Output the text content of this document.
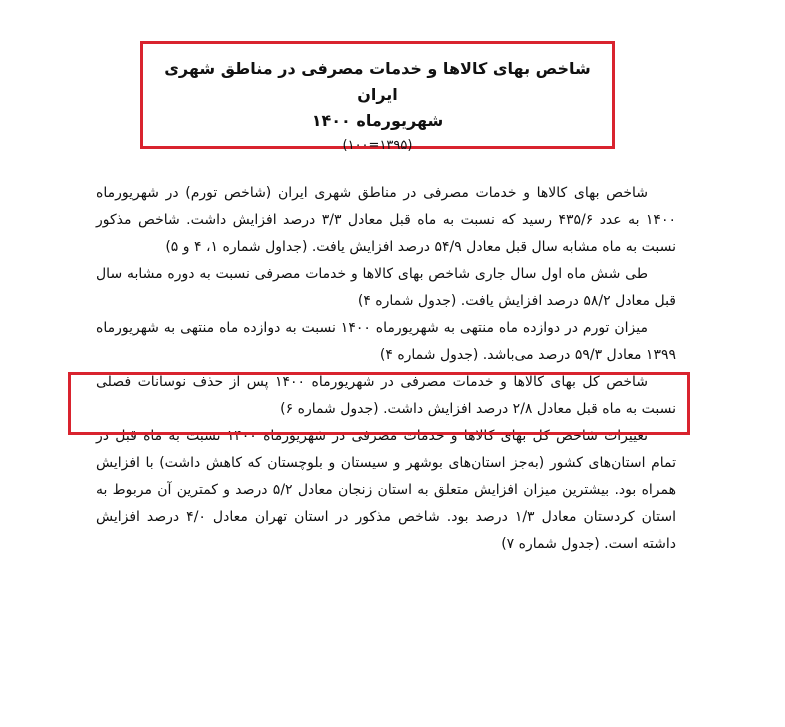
شاخص بهای کالاها و خدمات مصرفی در مناطق شهری ایران
شهریورماه ۱۴۰۰
(۱۳۹۵=۱۰۰)

شاخص بهای کالاها و خدمات مصرفی در مناطق شهری ایران (شاخص تورم) در شهریورماه ۱۴۰۰ به عدد ۴۳۵/۶ رسید که نسبت به ماه قبل معادل ۳/۳ درصد افزایش داشت. شاخص مذکور نسبت به ماه مشابه سال قبل معادل ۵۴/۹ درصد افزایش یافت. (جداول شماره ۱، ۴ و ۵)

طی شش ماه اول سال جاری شاخص بهای کالاها و خدمات مصرفی نسبت به دوره مشابه سال قبل معادل ۵۸/۲ درصد افزایش یافت. (جدول شماره ۴)

میزان تورم در دوازده ماه منتهی به شهریورماه ۱۴۰۰ نسبت به دوازده ماه منتهی به شهریورماه ۱۳۹۹ معادل ۵۹/۳ درصد می‌باشد. (جدول شماره ۴)

شاخص کل بهای کالاها و خدمات مصرفی در شهریورماه ۱۴۰۰ پس از حذف نوسانات فصلی نسبت به ماه قبل معادل ۲/۸ درصد افزایش داشت. (جدول شماره ۶)

تغییرات شاخص کل بهای کالاها و خدمات مصرفی در شهریورماه ۱۴۰۰ نسبت به ماه قبل در تمام استان‌های کشور (به‌جز استان‌های بوشهر و سیستان و بلوچستان که کاهش داشت) با افزایش همراه بود. بیشترین میزان افزایش متعلق به استان زنجان معادل ۵/۲ درصد و کمترین آن مربوط به استان کردستان معادل ۱/۳ درصد بود. شاخص مذکور در استان تهران معادل ۴/۰ درصد افزایش داشته است. (جدول شماره ۷)
